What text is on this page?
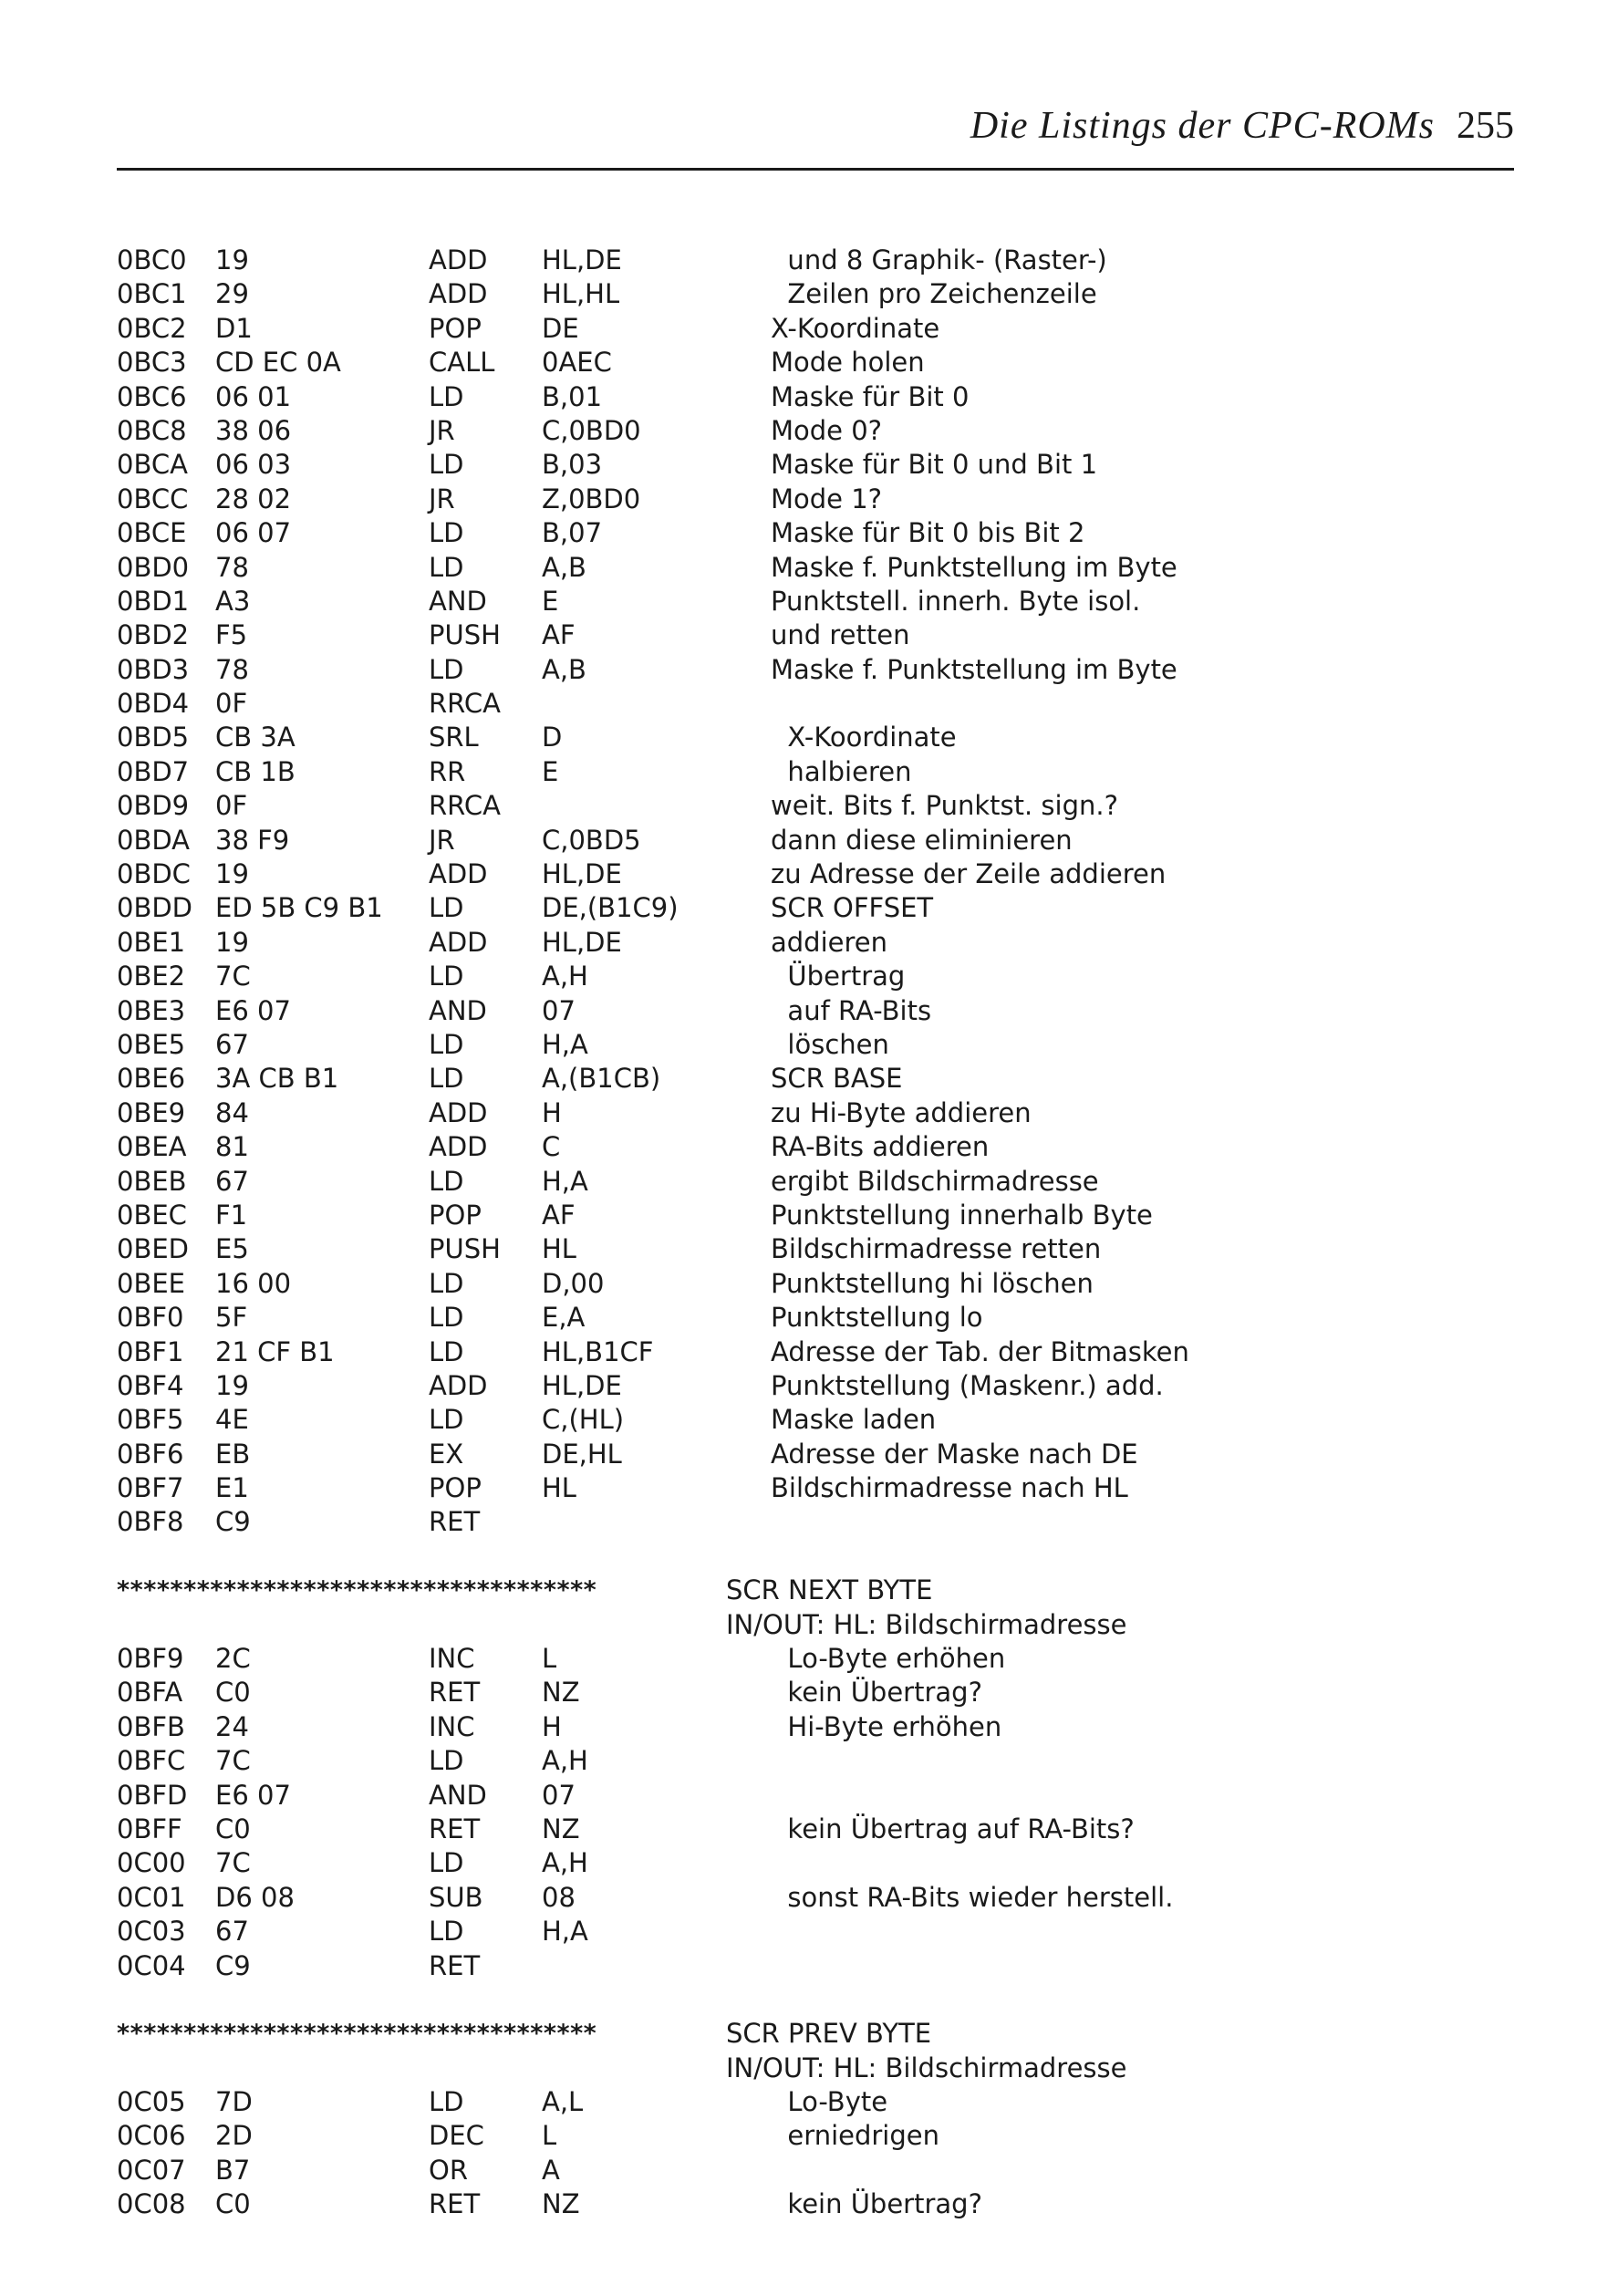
Die Listings der CPC-ROMs 255
0BC0 19	ADD HL,DE	und 8 Graphik- (Raster-)
0BC1 29	ADD HL,HL	Zeilen pro Zeichenzeile
0BC2 D1	POP DE	X-Koordinate
0BC3 CD EC 0A	CALL 0AEC	Mode holen
0BC6 06 01	LD	B,01	Maske für Bit 0
0BC8 38 06	JR	C,0BD0	Mode 0?
0BCA 06 03	LD	B,03	Maske für Bit 0 und Bit 1
0BCC 28 02	JR	Z,0BD0	Mode 1?
0BCE 06 07	LD	B,07	Maske für Bit 0 bis Bit 2
0BD0 78	LD	A,B	Maske f. Punktstellung im Byte
0BD1 A3	AND E	Punktstell. innerh. Byte isol.
0BD2 F5	PUSH AF	und retten
0BD3 78	LD	A,B	Maske f. Punktstellung im Byte
0BD4 0F	RRCA
0BD5 CB 3A	SRL D	X-Koordinate
0BD7 CB 1B	RR	E	halbieren
0BD9 0F	RRCA	weit. Bits f. Punktst. sign.?
0BDA 38 F9	JR	C,0BD5	dann diese eliminieren
0BDC 19	ADD HL,DE	zu Adresse der Zeile addieren
0BDD ED 5B C9 B1 LD	DE,(B1C9)	SCR OFFSET
0BE1 19	ADD HL,DE	addieren
0BE2 7C	LD	A,H	Übertrag
0BE3 E6 07	AND 07	auf RA-Bits
0BE5 67	LD	H,A	löschen
0BE6 3A CB B1	LD	A,(B1CB)	SCR BASE
0BE9 84	ADD H	zu Hi-Byte addieren
0BEA 81	ADD C	RA-Bits addieren
0BEB 67	LD	H,A	ergibt Bildschirmadresse
0BEC F1	POP AF	Punktstellung innerhalb Byte
0BED E5	PUSH HL	Bildschirmadresse retten
0BEE 16 00	LD	D,00	Punktstellung hi löschen
0BF0 5F	LD	E,A	Punktstellung lo
0BF1 21 CF B1	LD	HL,B1CF	Adresse der Tab. der Bitmasken
0BF4 19	ADD HL,DE	Punktstellung (Maskenr.) add.
0BF5 4E	LD	C,(HL)	Maske laden
0BF6 EB	EX	DE,HL	Adresse der Maske nach DE
0BF7 E1	POP HL	Bildschirmadresse nach HL
0BF8 C9	RET

************************************

	SCR NEXT BYTE

IN/OUT: HL: Bildschirmadresse

0BF9 2C	INC	L	Lo-Byte erhöhen
0BFA C0	RET NZ	kein Übertrag?
0BFB 24	INC	H	Hi-Byte erhöhen
0BFC 7C	LD	A,H
0BFD E6 07	AND 07
0BFF C0	RET NZ	kein Übertrag auf RA-Bits?
0C00 7C	LD	A,H
0C01 D6 08	SUB 08	sonst RA-Bits wieder herstell.
0C03 67	LD	H,A
0C04 C9	RET

************************************

	SCR PREV BYTE

IN/OUT: HL: Bildschirmadresse

0C05 7D	LD	A,L	Lo-Byte
0C06 2D	DEC L	erniedrigen
0C07 B7	OR	A
0C08 C0	RET NZ	kein Übertrag?
